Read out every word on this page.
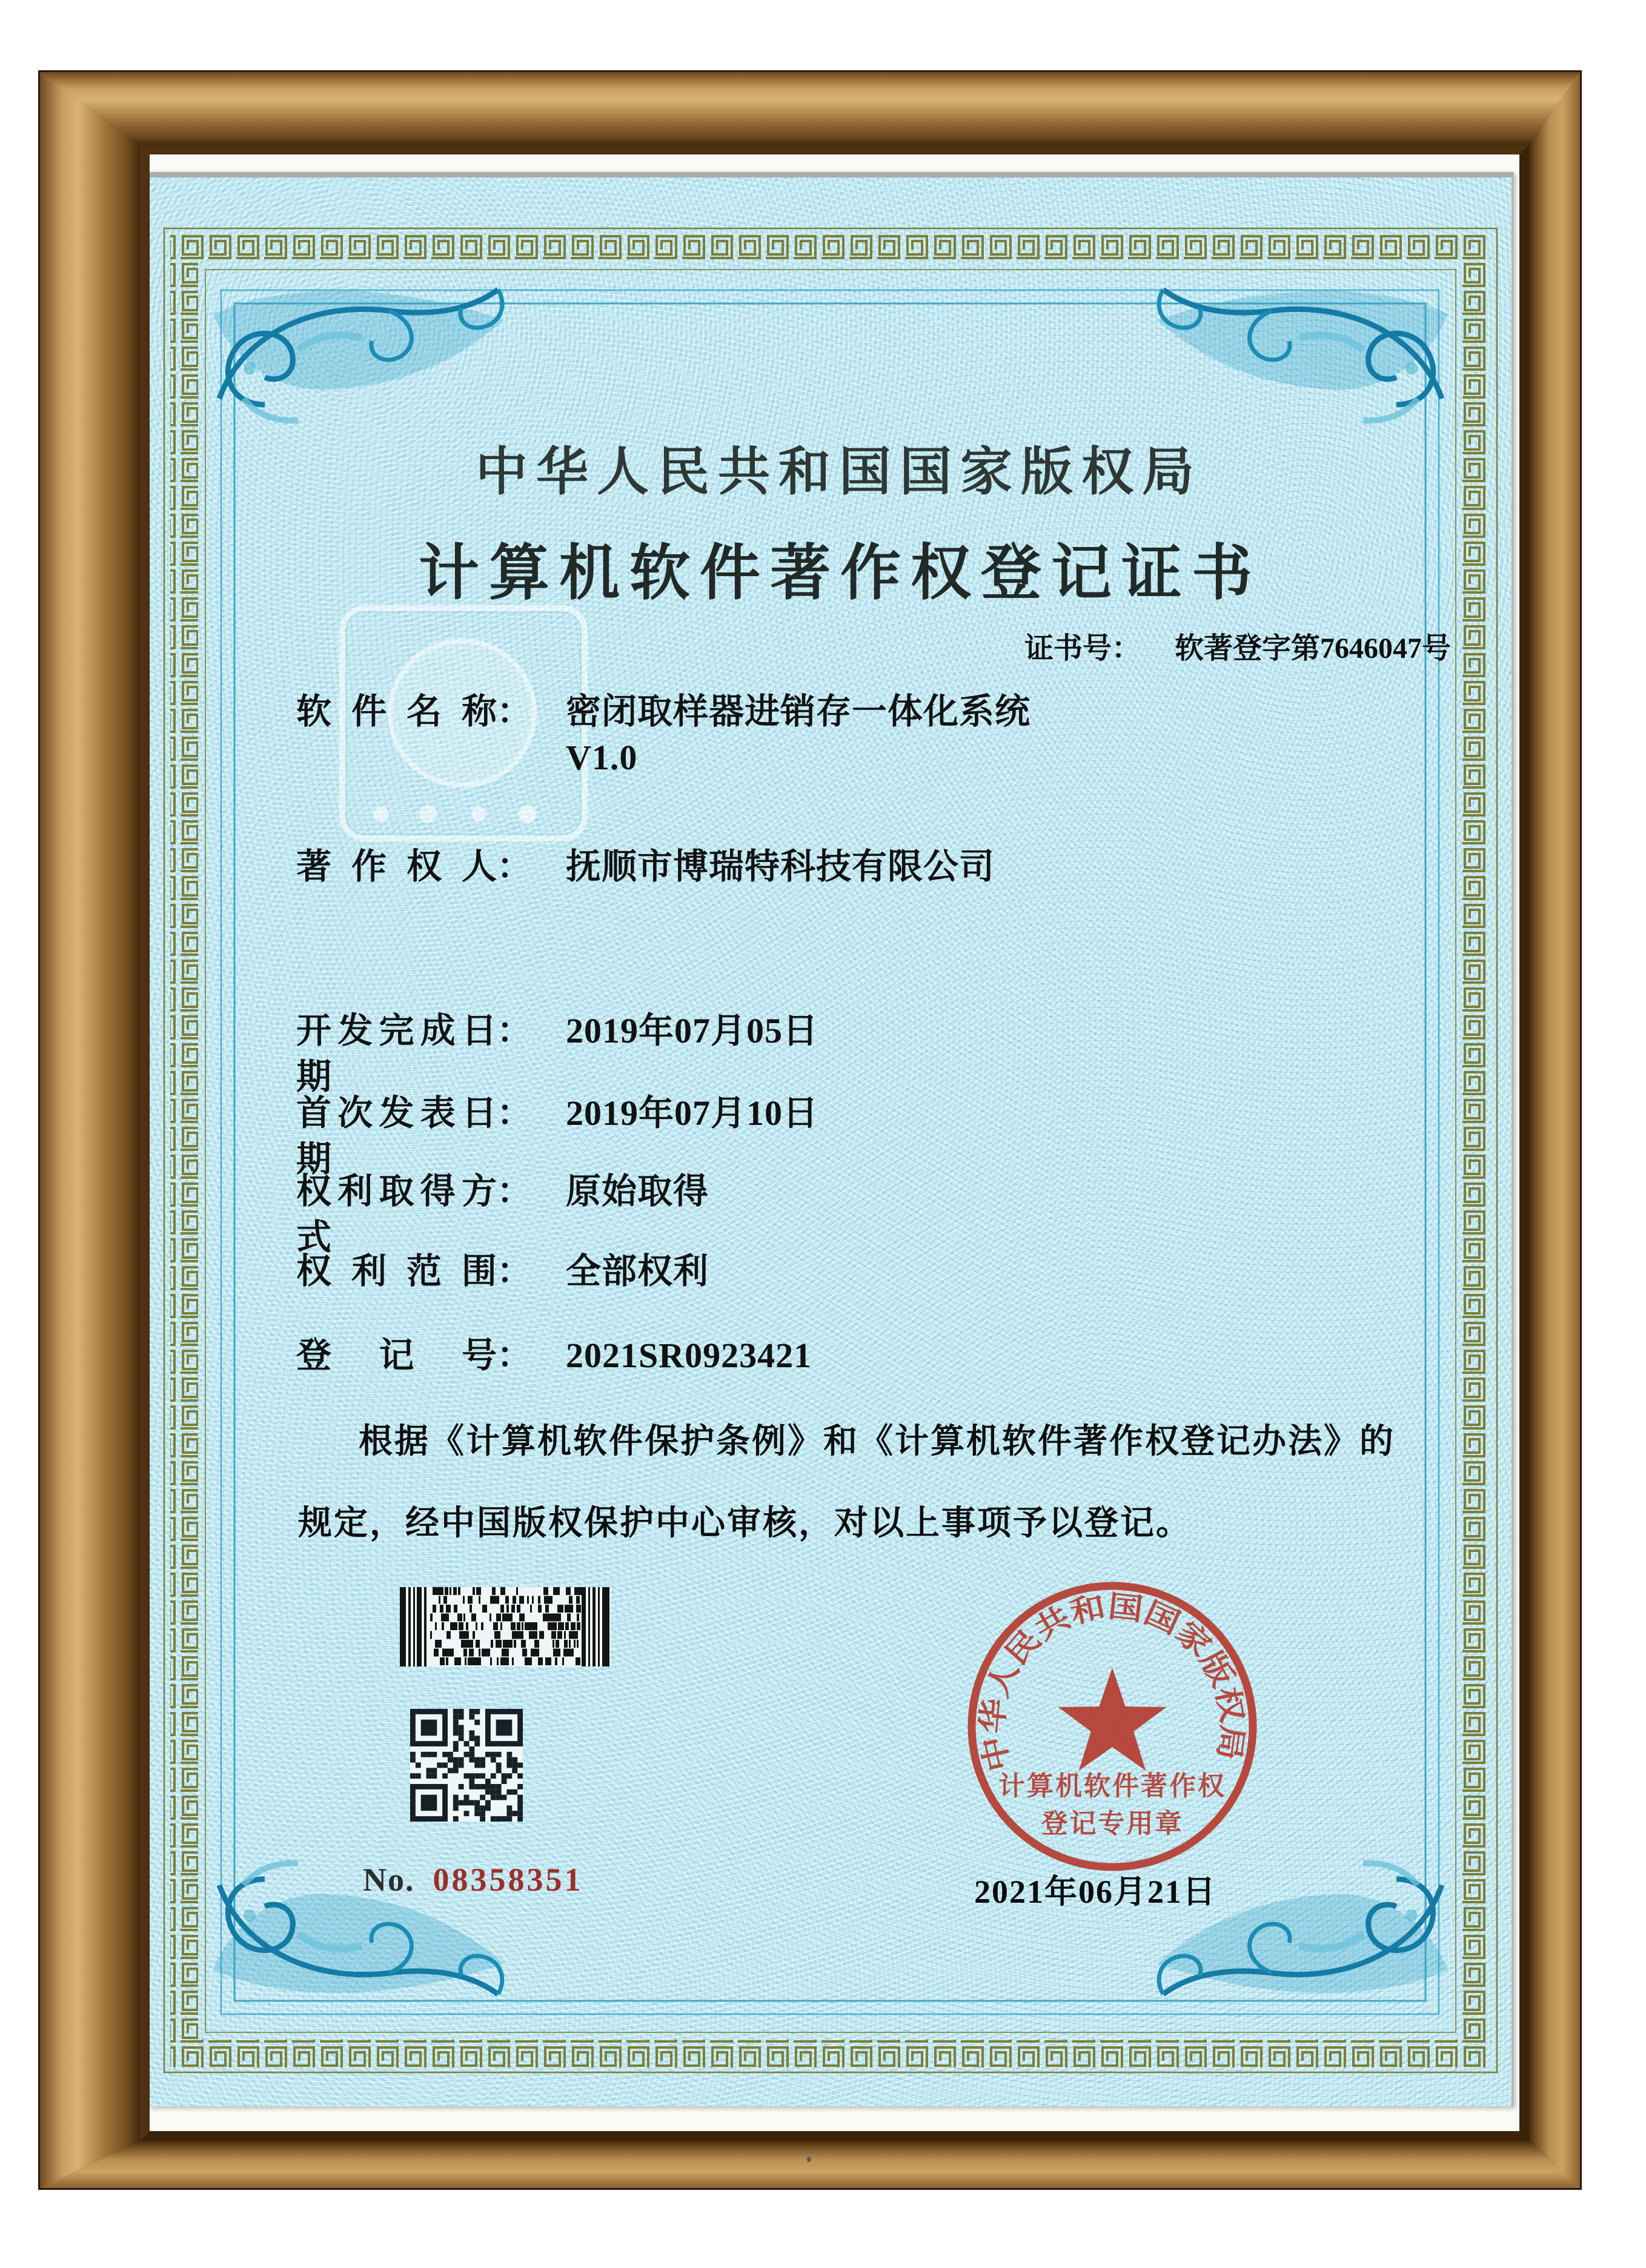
中华人民共和国国家版权局
计算机软件著作权登记证书
证书号： 软著登字第7646047号
软件名称： 密闭取样器进销存一体化系统
V1.0
著作权人： 抚顺市博瑞特科技有限公司
开发完成日期： 2019年07月05日
首次发表日期： 2019年07月10日
权利取得方式： 原始取得
权利范围： 全部权利
登记号： 2021SR0923421
根据《计算机软件保护条例》和《计算机软件著作权登记办法》的
规定，经中国版权保护中心审核，对以上事项予以登记。
No. 08358351
中华人民共和国国家版权局
计算机软件著作权
登记专用章
2021年06月21日
